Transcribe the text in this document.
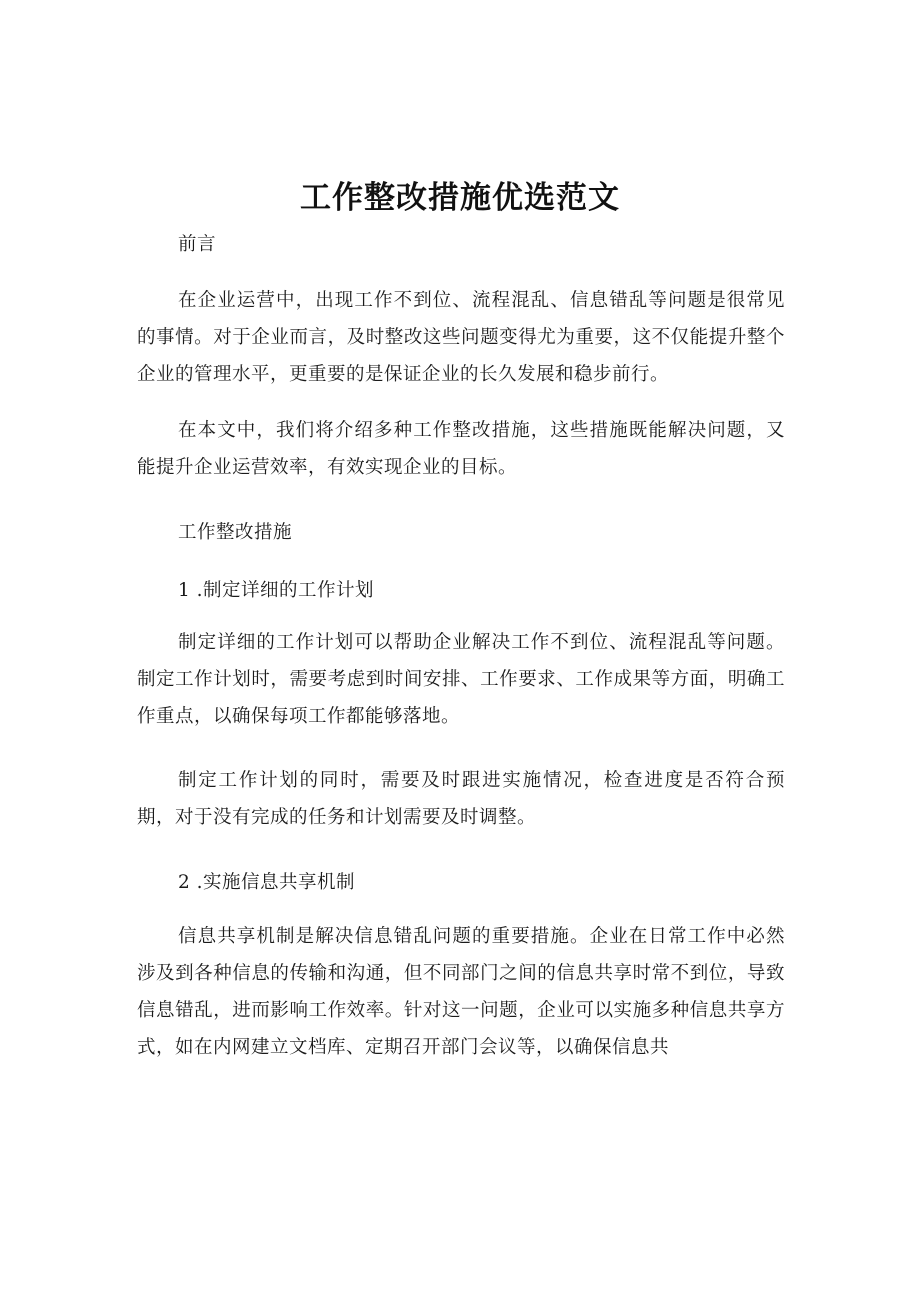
工作整改措施优选范文

前言

在企业运营中，出现工作不到位、流程混乱、信息错乱等问题是很常见的事情。对于企业而言，及时整改这些问题变得尤为重要，这不仅能提升整个企业的管理水平，更重要的是保证企业的长久发展和稳步前行。

在本文中，我们将介绍多种工作整改措施，这些措施既能解决问题，又能提升企业运营效率，有效实现企业的目标。

工作整改措施

1 .制定详细的工作计划

制定详细的工作计划可以帮助企业解决工作不到位、流程混乱等问题。制定工作计划时，需要考虑到时间安排、工作要求、工作成果等方面，明确工作重点，以确保每项工作都能够落地。

制定工作计划的同时，需要及时跟进实施情况，检查进度是否符合预期，对于没有完成的任务和计划需要及时调整。

2 .实施信息共享机制

信息共享机制是解决信息错乱问题的重要措施。企业在日常工作中必然涉及到各种信息的传输和沟通，但不同部门之间的信息共享时常不到位，导致信息错乱，进而影响工作效率。针对这一问题，企业可以实施多种信息共享方式，如在内网建立文档库、定期召开部门会议等，以确保信息共
